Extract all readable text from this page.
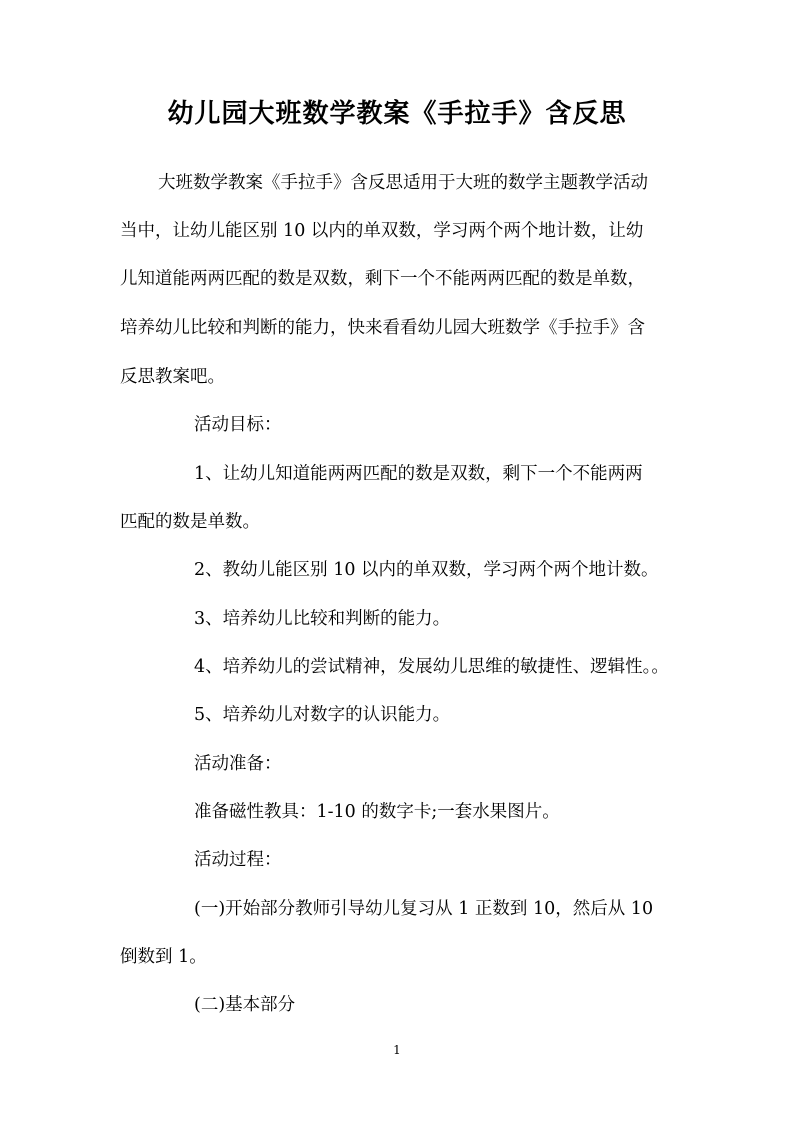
幼儿园大班数学教案《手拉手》含反思
大班数学教案《手拉手》含反思适用于大班的数学主题教学活动
当中，让幼儿能区别 10 以内的单双数，学习两个两个地计数，让幼
儿知道能两两匹配的数是双数，剩下一个不能两两匹配的数是单数，
培养幼儿比较和判断的能力，快来看看幼儿园大班数学《手拉手》含
反思教案吧。
活动目标：
1、让幼儿知道能两两匹配的数是双数，剩下一个不能两两
匹配的数是单数。
2、教幼儿能区别 10 以内的单双数，学习两个两个地计数。
3、培养幼儿比较和判断的能力。
4、培养幼儿的尝试精神，发展幼儿思维的敏捷性、逻辑性。。
5、培养幼儿对数字的认识能力。
活动准备：
准备磁性教具：1-10 的数字卡;一套水果图片。
活动过程：
(一)开始部分教师引导幼儿复习从 1 正数到 10，然后从 10
倒数到 1。
(二)基本部分
1
